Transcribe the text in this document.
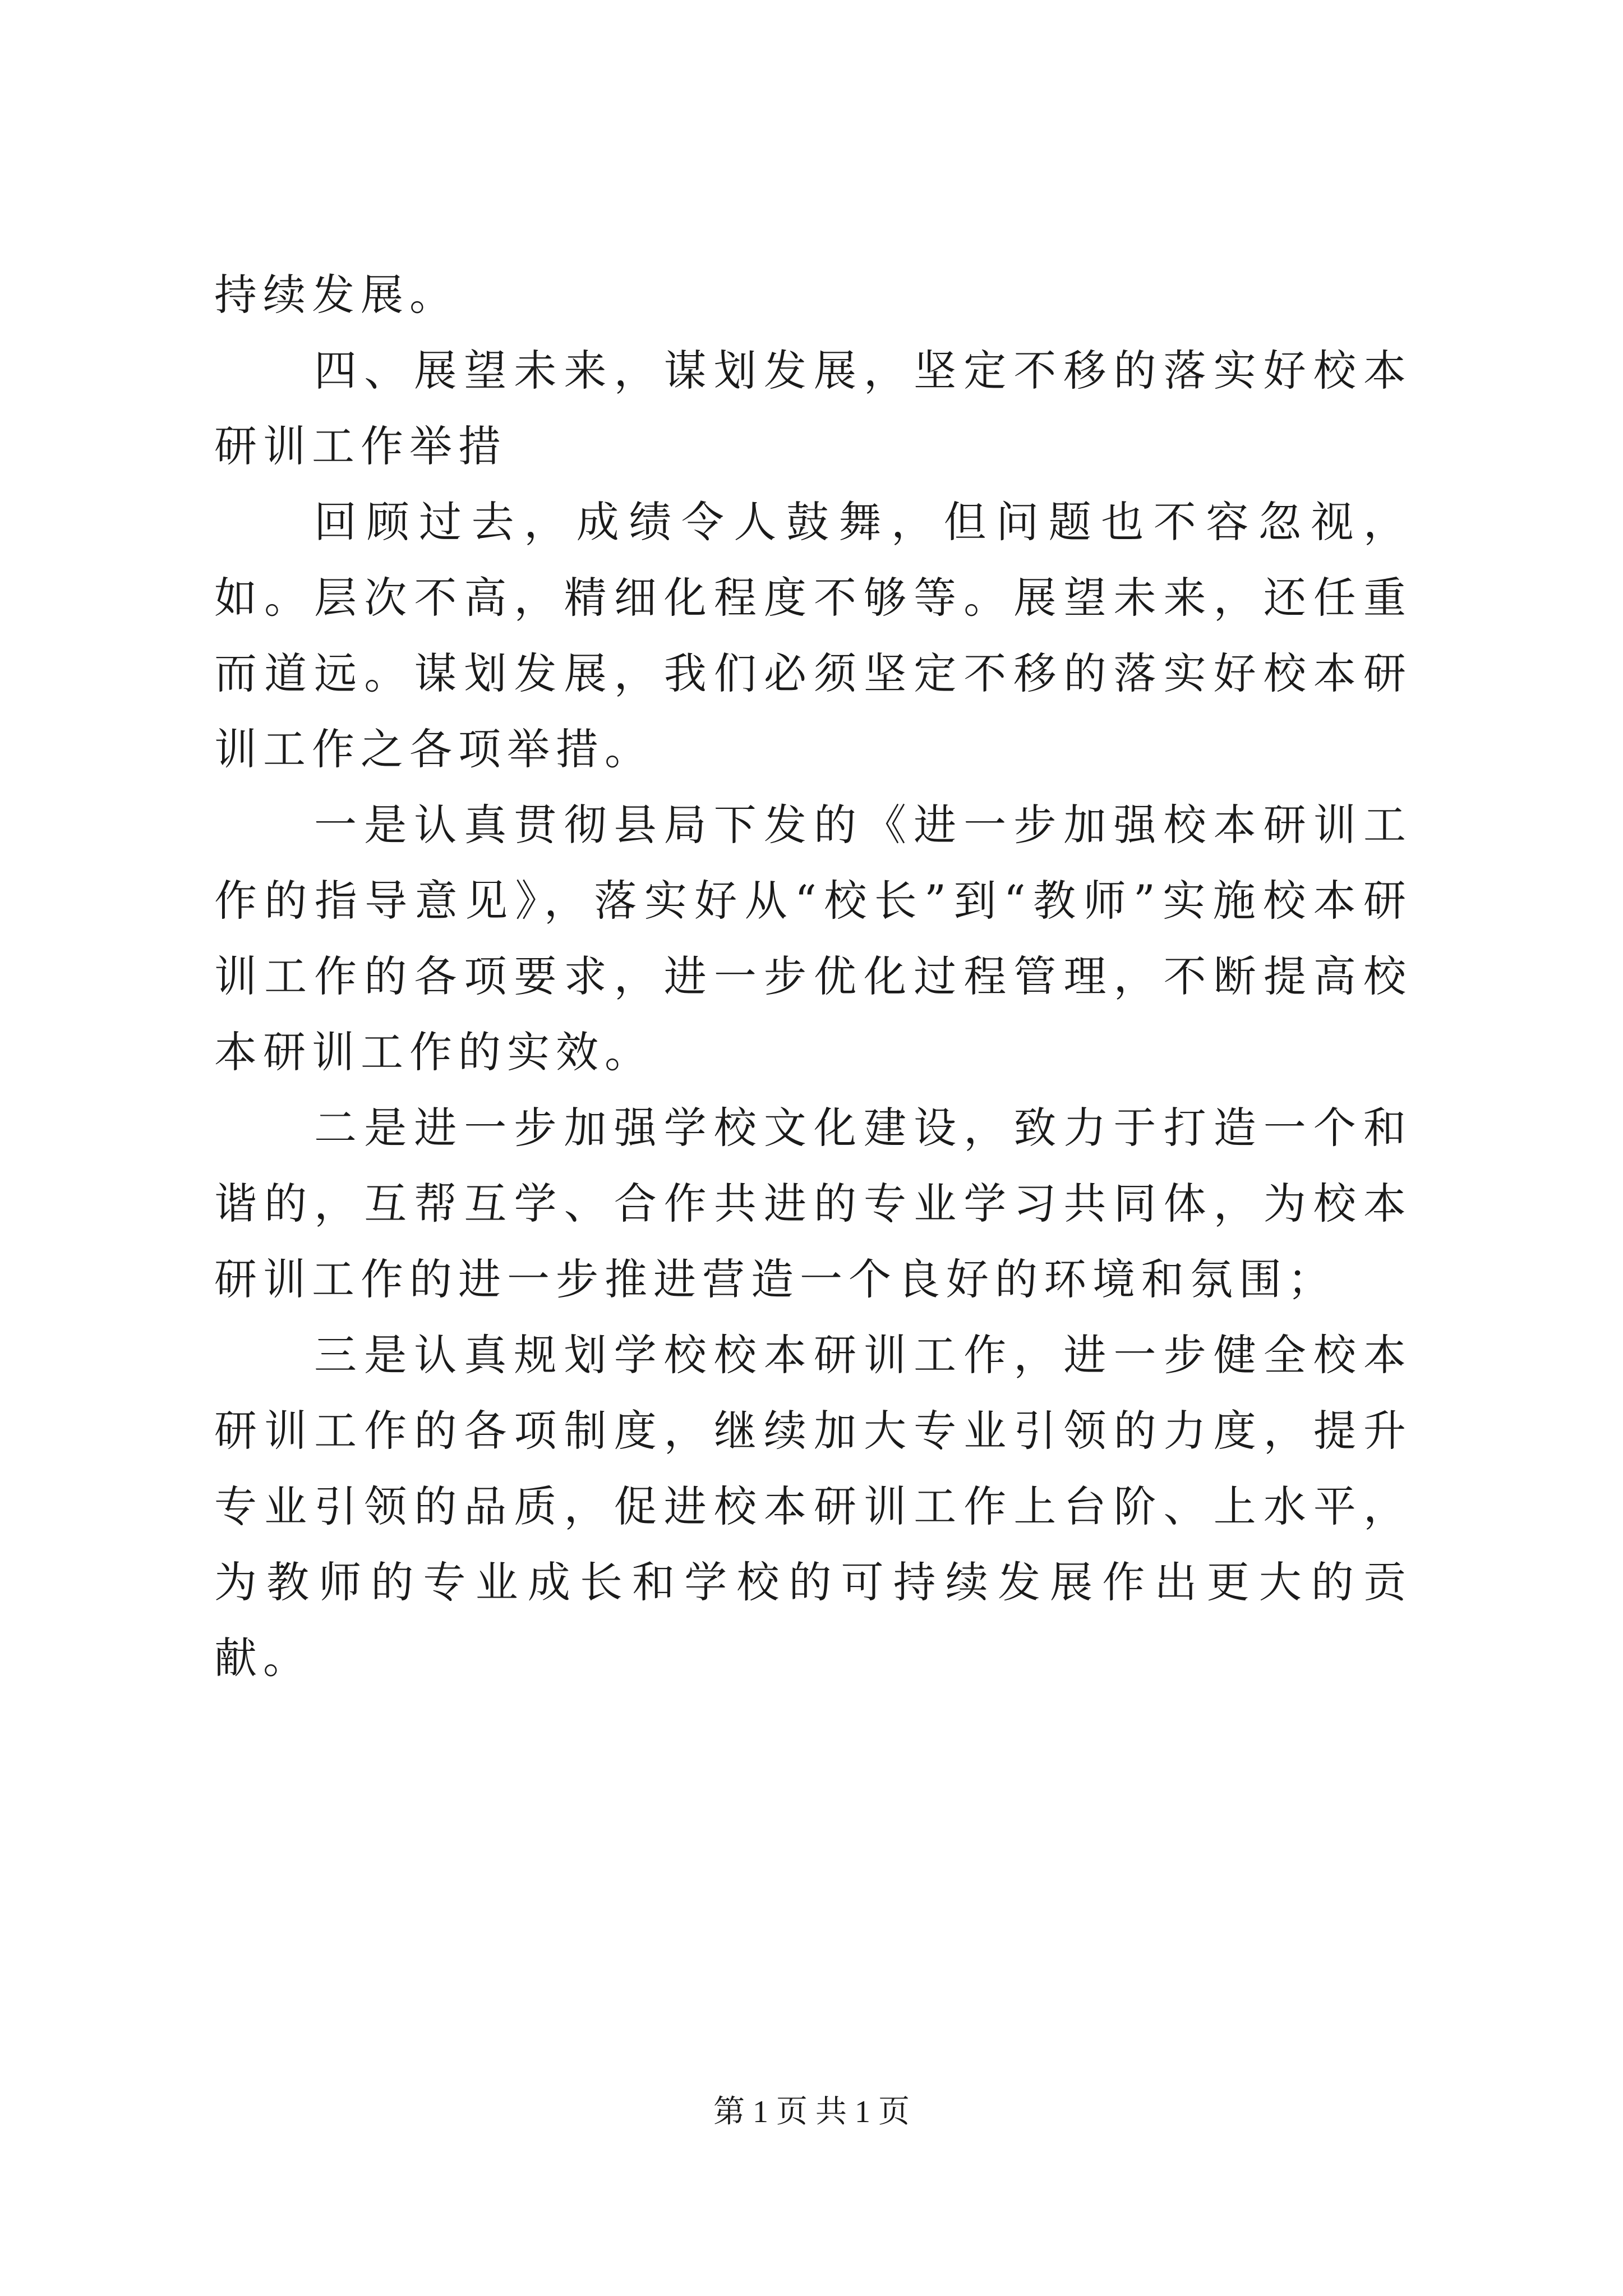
持续发展。

四、展望未来，谋划发展，坚定不移的落实好校本研训工作举措

回顾过去，成绩令人鼓舞，但问题也不容忽视，如。层次不高，精细化程度不够等。展望未来，还任重而道远。谋划发展，我们必须坚定不移的落实好校本研训工作之各项举措。

一是认真贯彻县局下发的《进一步加强校本研训工作的指导意见》，落实好从“校长”到“教师”实施校本研训工作的各项要求，进一步优化过程管理，不断提高校本研训工作的实效。

二是进一步加强学校文化建设，致力于打造一个和谐的，互帮互学、合作共进的专业学习共同体，为校本研训工作的进一步推进营造一个良好的环境和氛围；

三是认真规划学校校本研训工作，进一步健全校本研训工作的各项制度，继续加大专业引领的力度，提升专业引领的品质，促进校本研训工作上台阶、上水平，为教师的专业成长和学校的可持续发展作出更大的贡献。

第 1 页 共 1 页
